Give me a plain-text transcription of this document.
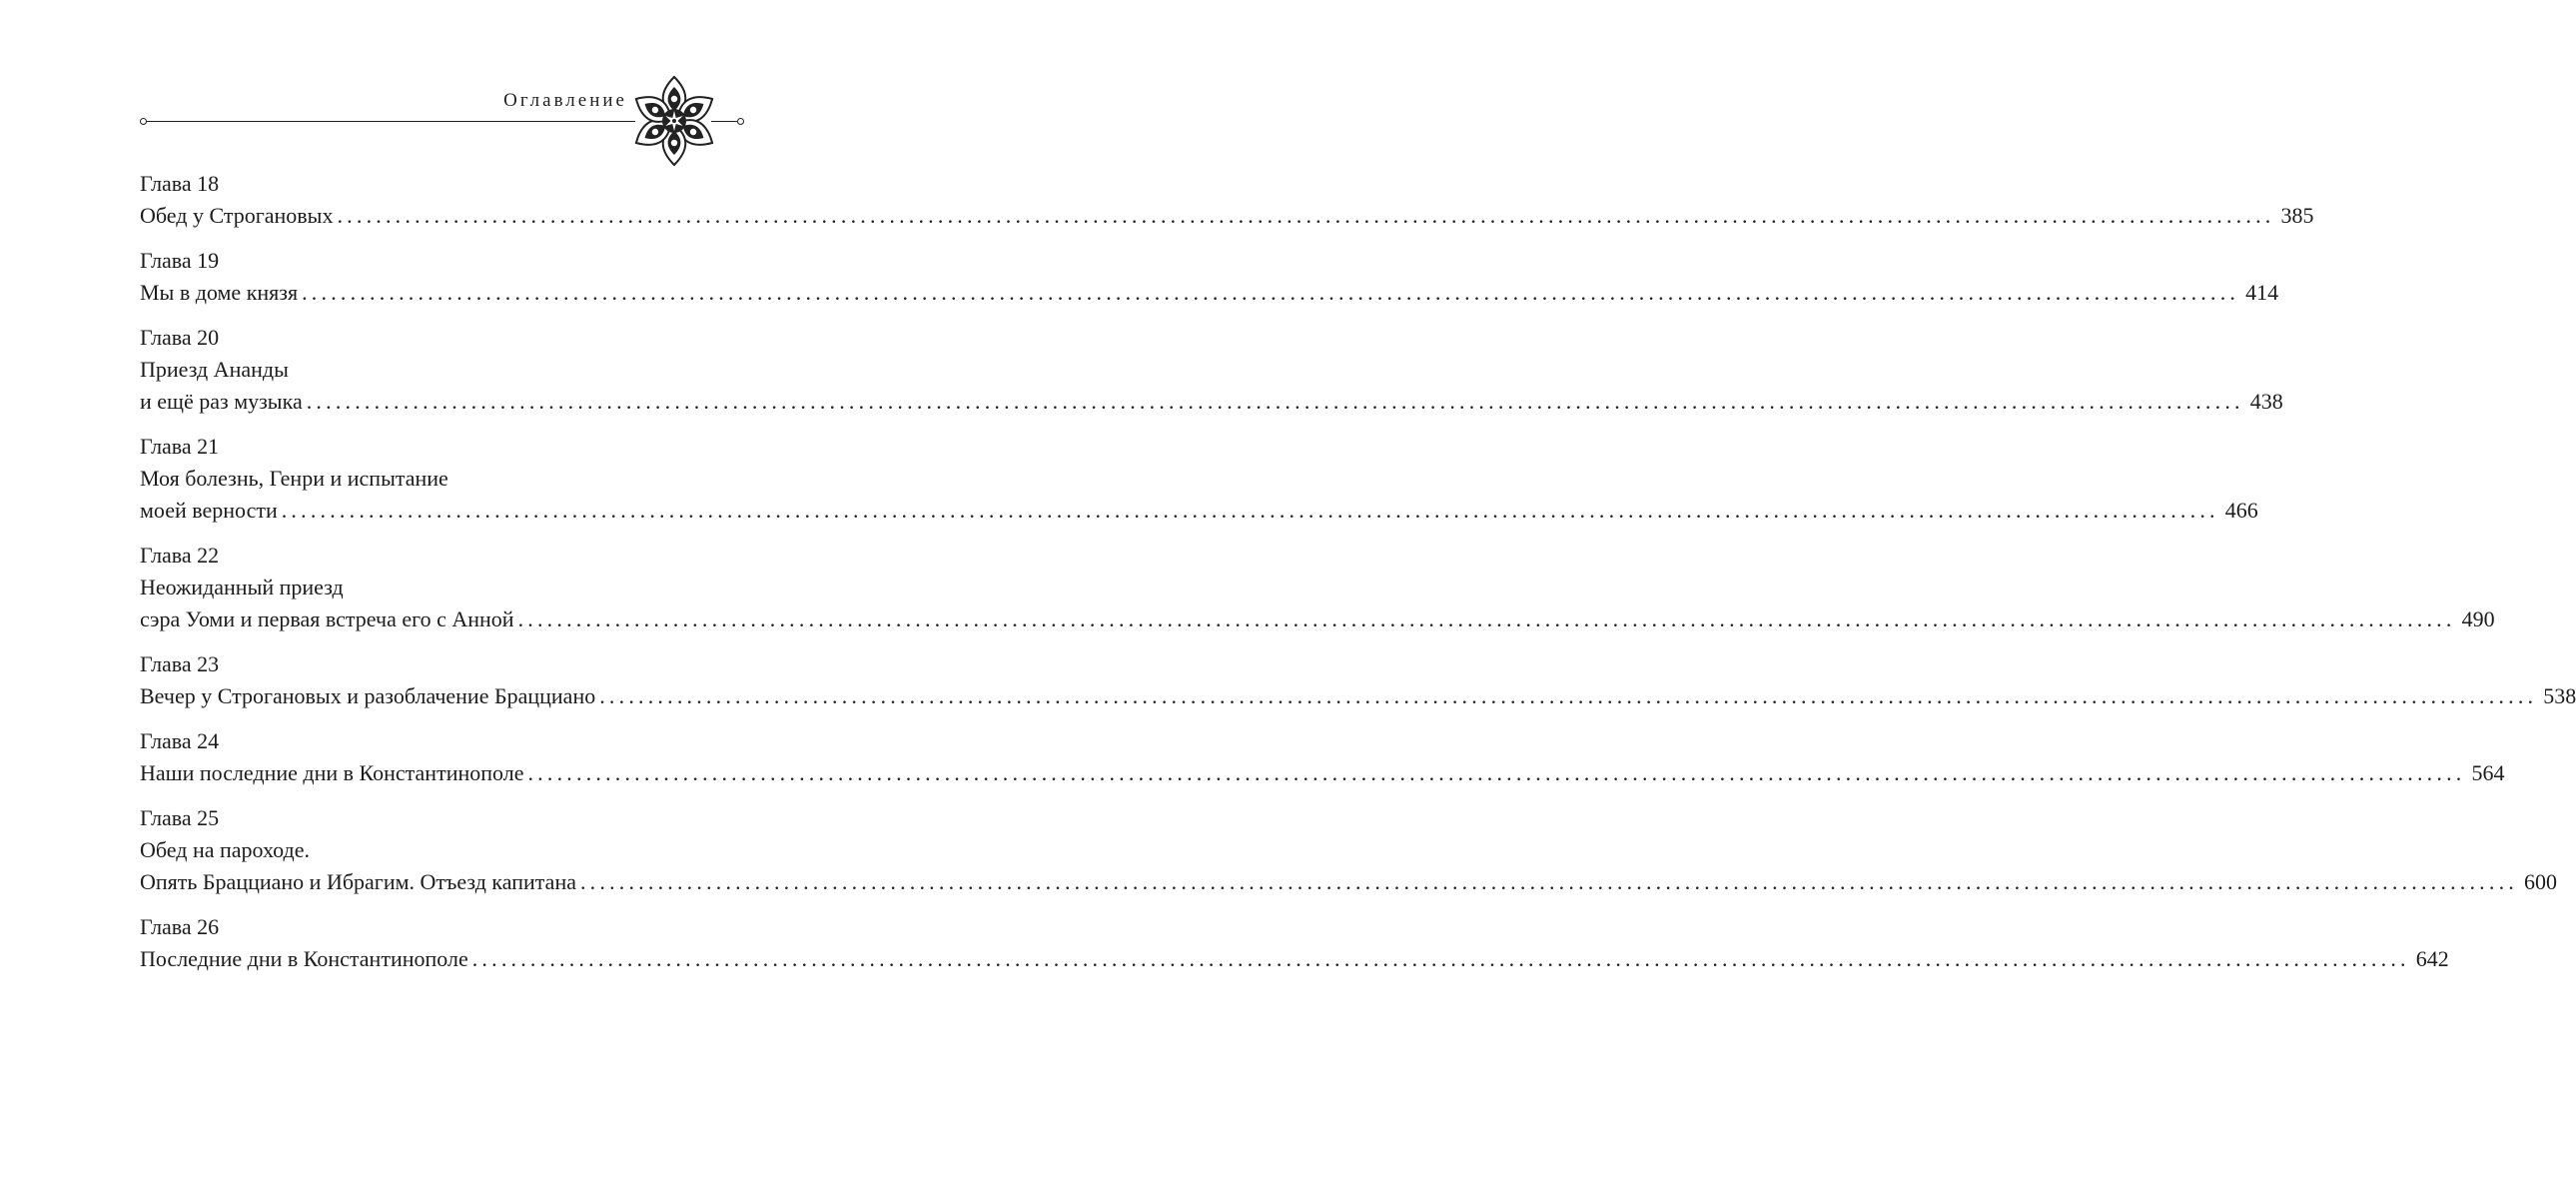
Оглавление
Глава 18
Обед у Строгановых ........................................................................................................................................................................................................ 385
Глава 19
Мы в доме князя ........................................................................................................................................................................................................ 414
Глава 20
Приезд Ананды
и ещё раз музыка ........................................................................................................................................................................................................ 438
Глава 21
Моя болезнь, Генри и испытание
моей верности ........................................................................................................................................................................................................ 466
Глава 22
Неожиданный приезд
сэра Уоми и первая встреча его с Анной ........................................................................................................................................................................................................ 490
Глава 23
Вечер у Строгановых и разоблачение Брацциано ........................................................................................................................................................................................................ 538
Глава 24
Наши последние дни в Константинополе ........................................................................................................................................................................................................ 564
Глава 25
Обед на пароходе.
Опять Брацциано и Ибрагим. Отъезд капитана ........................................................................................................................................................................................................ 600
Глава 26
Последние дни в Константинополе ........................................................................................................................................................................................................ 642
